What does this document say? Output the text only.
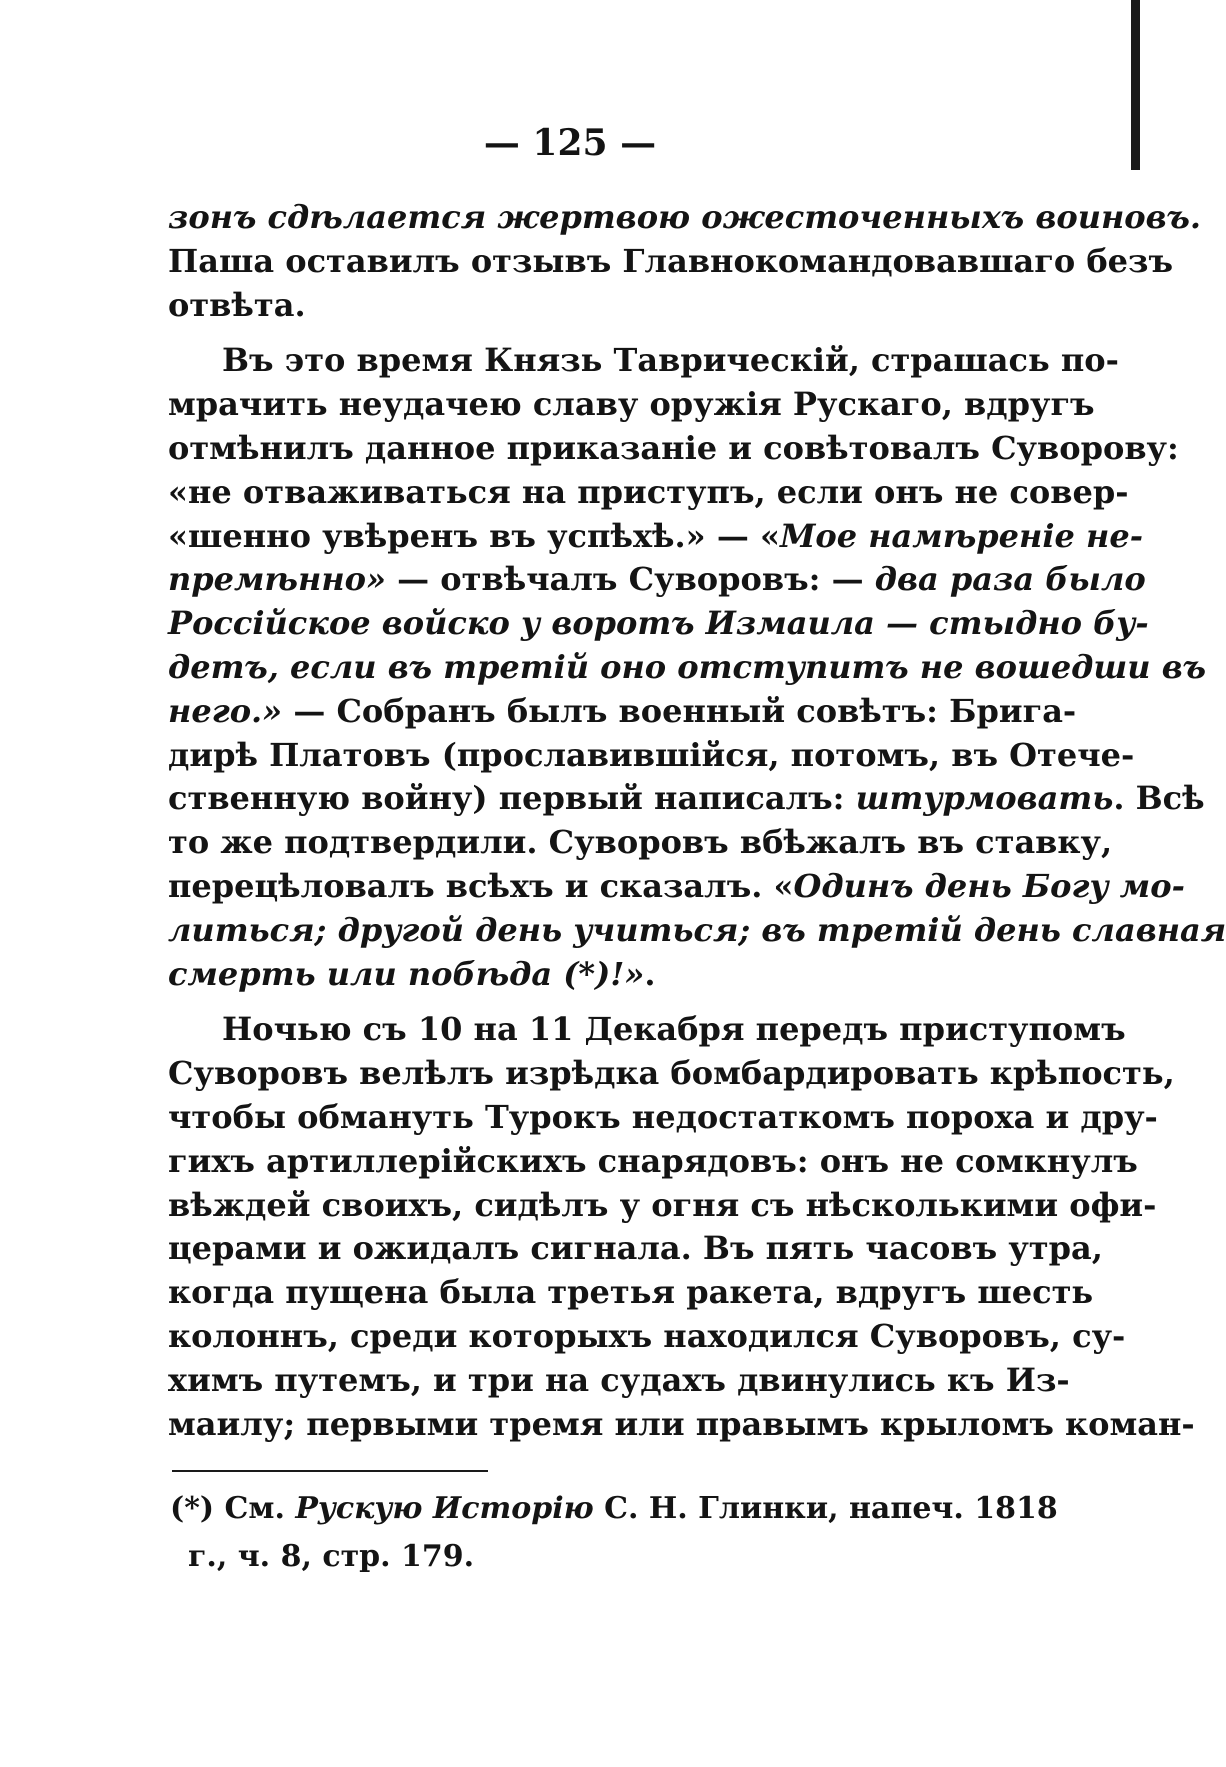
— 125 —
зонъ сдѣлается жертвою ожесточенныхъ воиновъ.
Паша оставилъ отзывъ Главнокомандовавшаго безъ
отвѣта.
Въ это время Князь Таврическій, страшась по-
мрачить неудачею славу оружія Рускаго, вдругъ
отмѣнилъ данное приказаніе и совѣтовалъ Суворову:
«не отваживаться на приступъ, если онъ не совер-
«шенно увѣренъ въ успѣхѣ.» — «Мое намѣреніе не-
премѣнно» — отвѣчалъ Суворовъ: — два раза было
Россійское войско у воротъ Измаила — стыдно бу-
детъ, если въ третій оно отступитъ не вошедши въ
него.» — Собранъ былъ военный совѣтъ: Брига-
дирѣ Платовъ (прославившійся, потомъ, въ Отече-
ственную войну) первый написалъ: штурмовать. Всѣ
то же подтвердили. Суворовъ вбѣжалъ въ ставку,
перецѣловалъ всѣхъ и сказалъ. «Одинъ день Богу мо-
литься; другой день учиться; въ третій день славная
смерть или побѣда (*)!».
Ночью съ 10 на 11 Декабря передъ приступомъ
Суворовъ велѣлъ изрѣдка бомбардировать крѣпость,
чтобы обмануть Турокъ недостаткомъ пороха и дру-
гихъ артиллерійскихъ снарядовъ: онъ не сомкнулъ
вѣждей своихъ, сидѣлъ у огня съ нѣсколькими офи-
церами и ожидалъ сигнала. Въ пять часовъ утра,
когда пущена была третья ракета, вдругъ шесть
колоннъ, среди которыхъ находился Суворовъ, су-
химъ путемъ, и три на судахъ двинулись къ Из-
маилу; первыми тремя или правымъ крыломъ коман-
(*) См. Рускую Исторію С. Н. Глинки, напеч. 1818
г., ч. 8, стр. 179.
